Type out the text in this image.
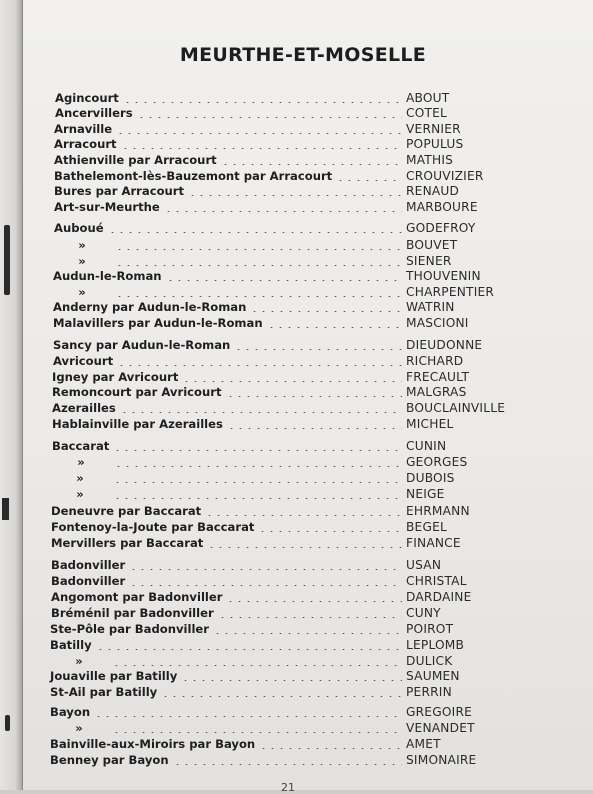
MEURTHE-ET-MOSELLE
Agincourt	ABOUT
Ancervillers	COTEL
Arnaville	VERNIER
Arracourt	POPULUS
Athienville par Arracourt	MATHIS
Bathelemont-lès-Bauzemont par Arracourt	CROUVIZIER
Bures par Arracourt	RENAUD
Art-sur-Meurthe	MARBOURE
Auboué	GODEFROY
»	BOUVET
»	SIENER
Audun-le-Roman	THOUVENIN
»	CHARPENTIER
Anderny par Audun-le-Roman	WATRIN
Malavillers par Audun-le-Roman	MASCIONI
Sancy par Audun-le-Roman	DIEUDONNE
Avricourt	RICHARD
Igney par Avricourt	FRECAULT
Remoncourt par Avricourt	MALGRAS
Azerailles	BOUCLAINVILLE
Hablainville par Azerailles	MICHEL
Baccarat	CUNIN
»	GEORGES
»	DUBOIS
»	NEIGE
Deneuvre par Baccarat	EHRMANN
Fontenoy-la-Joute par Baccarat	BEGEL
Mervillers par Baccarat	FINANCE
Badonviller	USAN
Badonviller	CHRISTAL
Angomont par Badonviller	DARDAINE
Bréménil par Badonviller	CUNY
Ste-Pôle par Badonviller	POIROT
Batilly	LEPLOMB
»	DULICK
Jouaville par Batilly	SAUMEN
St-Ail par Batilly	PERRIN
Bayon	GREGOIRE
»	VENANDET
Bainville-aux-Miroirs par Bayon	AMET
Benney par Bayon	SIMONAIRE
21
